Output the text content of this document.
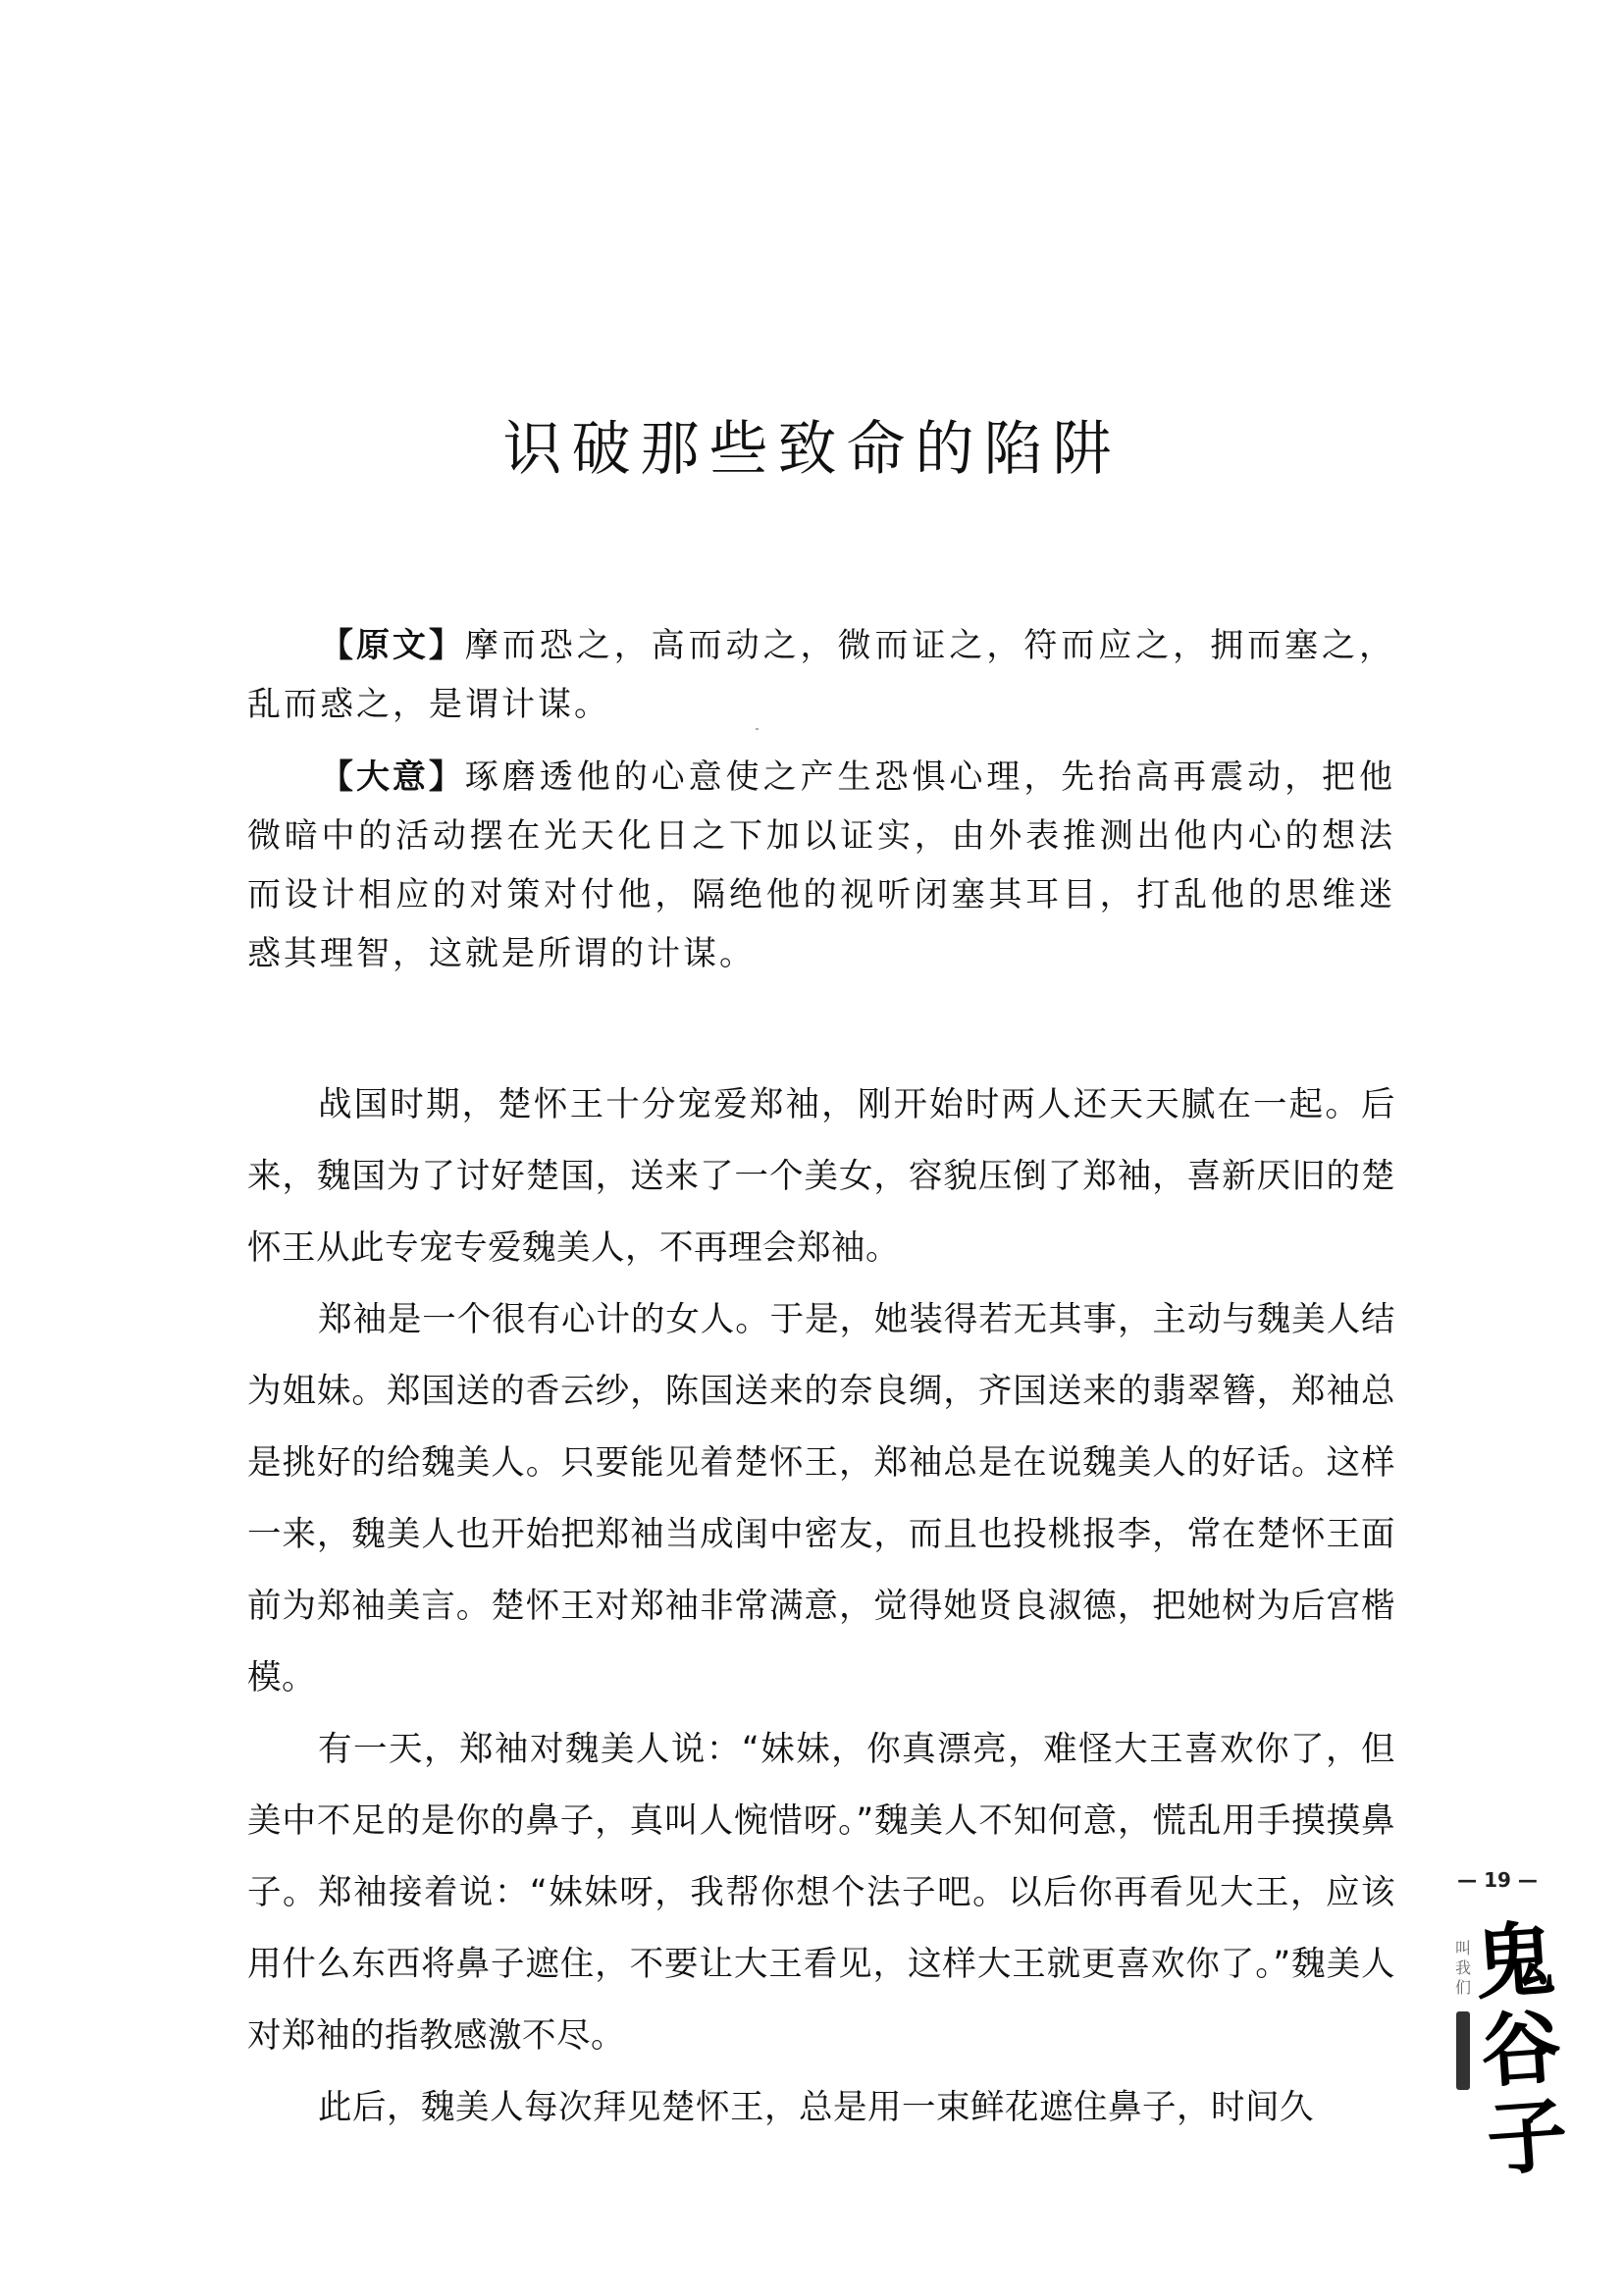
识破那些致命的陷阱

【原文】摩而恐之，高而动之，微而证之，符而应之，拥而塞之，乱而惑之，是谓计谋。

【大意】琢磨透他的心意使之产生恐惧心理，先抬高再震动，把他微暗中的活动摆在光天化日之下加以证实，由外表推测出他内心的想法而设计相应的对策对付他，隔绝他的视听闭塞其耳目，打乱他的思维迷惑其理智，这就是所谓的计谋。

战国时期，楚怀王十分宠爱郑袖，刚开始时两人还天天腻在一起。后来，魏国为了讨好楚国，送来了一个美女，容貌压倒了郑袖，喜新厌旧的楚怀王从此专宠专爱魏美人，不再理会郑袖。

郑袖是一个很有心计的女人。于是，她装得若无其事，主动与魏美人结为姐妹。郑国送的香云纱，陈国送来的奈良绸，齐国送来的翡翠簪，郑袖总是挑好的给魏美人。只要能见着楚怀王，郑袖总是在说魏美人的好话。这样一来，魏美人也开始把郑袖当成闺中密友，而且也投桃报李，常在楚怀王面前为郑袖美言。楚怀王对郑袖非常满意，觉得她贤良淑德，把她树为后宫楷模。

有一天，郑袖对魏美人说：“妹妹，你真漂亮，难怪大王喜欢你了，但美中不足的是你的鼻子，真叫人惋惜呀。”魏美人不知何意，慌乱用手摸摸鼻子。郑袖接着说：“妹妹呀，我帮你想个法子吧。以后你再看见大王，应该用什么东西将鼻子遮住，不要让大王看见，这样大王就更喜欢你了。”魏美人对郑袖的指教感激不尽。

此后，魏美人每次拜见楚怀王，总是用一束鲜花遮住鼻子，时间久

— 19 —
叫我们 鬼谷子
